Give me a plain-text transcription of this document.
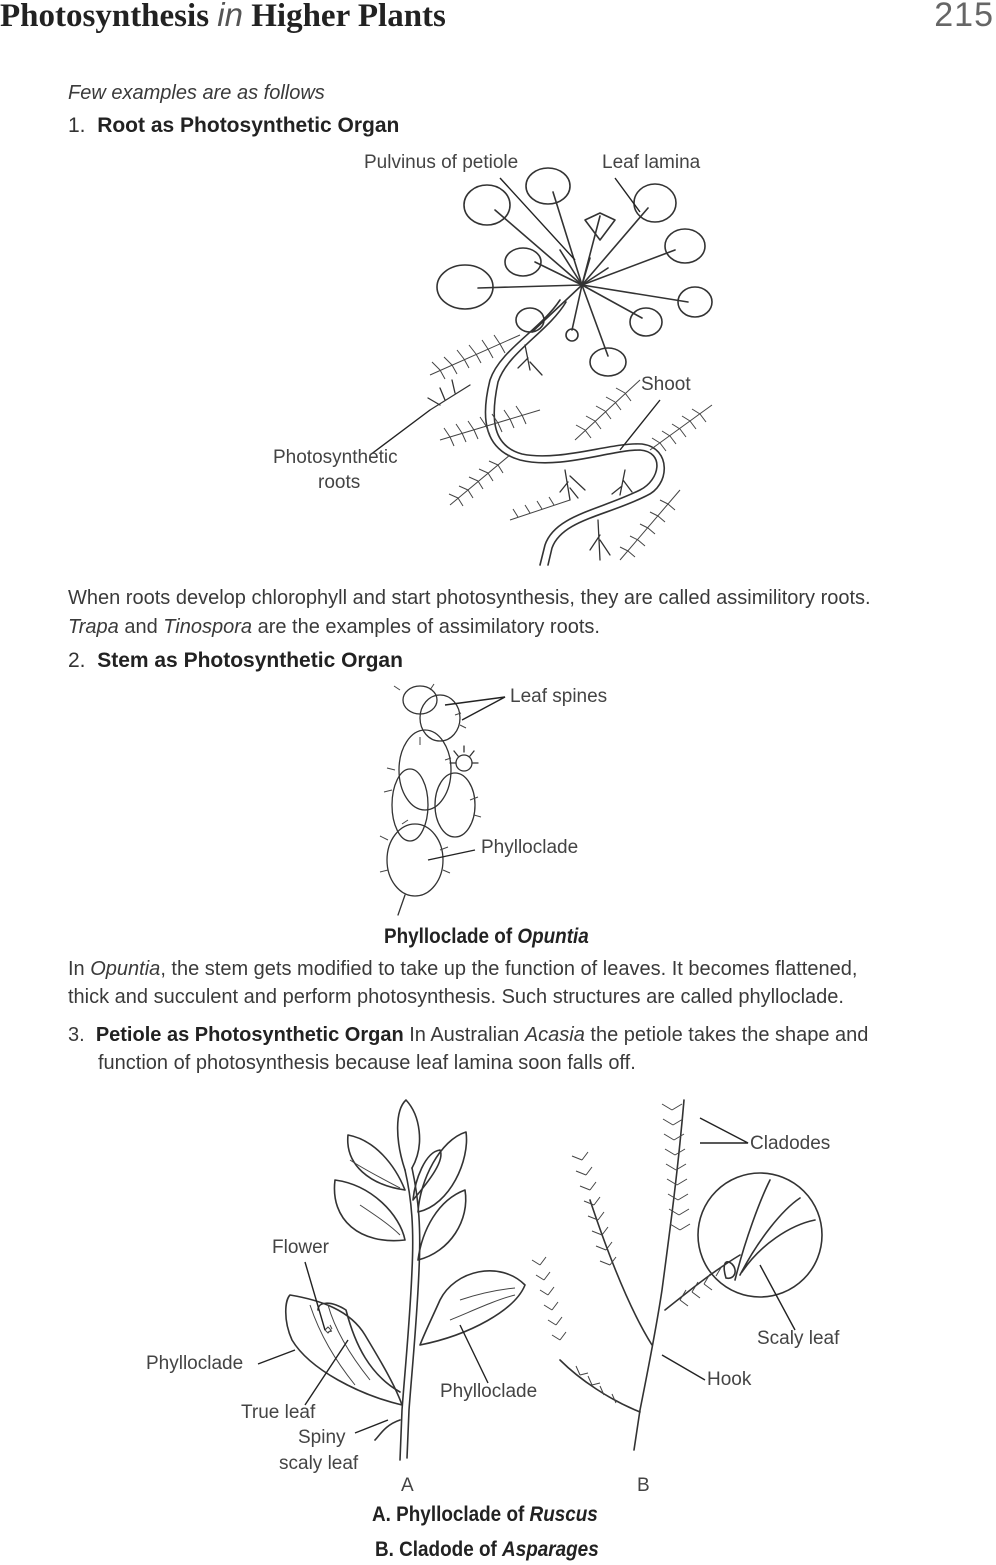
Photosynthesis in Higher Plants	215
Few examples are as follows
1. Root as Photosynthetic Organ
Pulvinus of petiole	Leaf lamina
Shoot
Photosynthetic
roots
When roots develop chlorophyll and start photosynthesis, they are called assimilitory roots.
Trapa and Tinospora are the examples of assimilatory roots.
2. Stem as Photosynthetic Organ
Leaf spines
Phylloclade
Phylloclade of Opuntia
In Opuntia, the stem gets modified to take up the function of leaves. It becomes flattened,
thick and succulent and perform photosynthesis. Such structures are called phylloclade.
3. Petiole as Photosynthetic Organ In Australian Acasia the petiole takes the shape and
function of photosynthesis because leaf lamina soon falls off.
Flower
Phylloclade
True leaf
Spiny
scaly leaf
Phylloclade
A
Cladodes
Scaly leaf
Hook
B
A. Phylloclade of Ruscus
B. Cladode of Asparages
